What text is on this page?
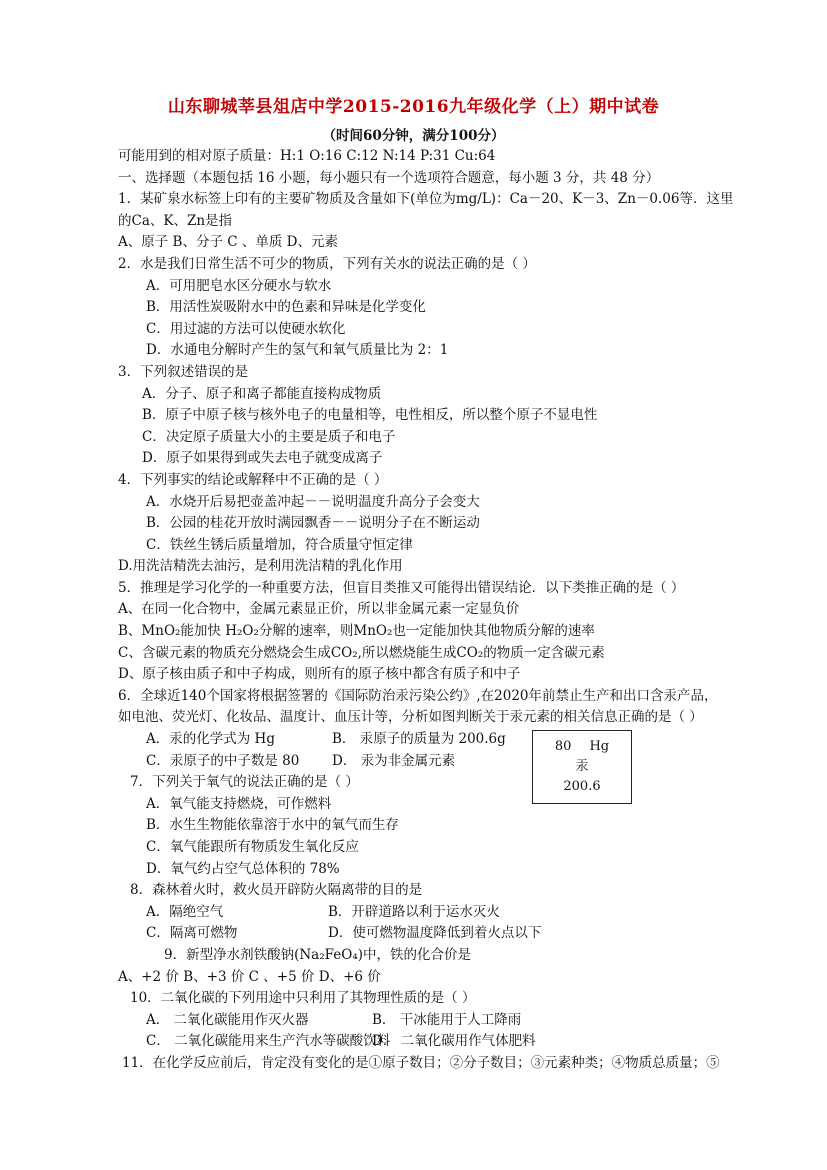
山东聊城莘县俎店中学2015-2016九年级化学（上）期中试卷
（时间60分钟，满分100分）
可能用到的相对原子质量：H:1 O:16 C:12 N:14 P:31 Cu:64
一、选择题（本题包括 16 小题，每小题只有一个选项符合题意，每小题 3 分，共 48 分）
1．某矿泉水标签上印有的主要矿物质及含量如下(单位为mg/L)：Ca－20、K－3、Zn－0.06等．这里
的Ca、K、Zn是指
A、原子 B、分子 C 、单质 D、元素
2．水是我们日常生活不可少的物质，下列有关水的说法正确的是（ ）
A．可用肥皂水区分硬水与软水
B．用活性炭吸附水中的色素和异味是化学变化
C．用过滤的方法可以使硬水软化
D．水通电分解时产生的氢气和氧气质量比为 2：1
3．下列叙述错误的是
A．分子、原子和离子都能直接构成物质
B．原子中原子核与核外电子的电量相等，电性相反，所以整个原子不显电性
C．决定原子质量大小的主要是质子和电子
D．原子如果得到或失去电子就变成离子
4．下列事实的结论或解释中不正确的是（ ）
A．水烧开后易把壶盖冲起－－说明温度升高分子会变大
B．公园的桂花开放时满园飘香－－说明分子在不断运动
C．铁丝生锈后质量增加，符合质量守恒定律
D.用洗洁精洗去油污，是利用洗洁精的乳化作用
5．推理是学习化学的一种重要方法，但盲目类推又可能得出错误结论．以下类推正确的是（ ）
A、在同一化合物中，金属元素显正价，所以非金属元素一定显负价
B、MnO₂能加快 H₂O₂分解的速率，则MnO₂也一定能加快其他物质分解的速率
C、含碳元素的物质充分燃烧会生成CO₂,所以燃烧能生成CO₂的物质一定含碳元素
D、原子核由质子和中子构成，则所有的原子核中都含有质子和中子
6．全球近140个国家将根据签署的《国际防治汞污染公约》,在2020年前禁止生产和出口含汞产品，
如电池、荧光灯、化妆品、温度计、血压计等，分析如图判断关于汞元素的相关信息正确的是（ ）
A．汞的化学式为 Hg	B． 汞原子的质量为 200.6g
C．汞原子的中子数是 80 D． 汞为非金属元素
7．下列关于氧气的说法正确的是（ ）
A．氧气能支持燃烧，可作燃料
B．水生生物能依靠溶于水中的氧气而生存
C．氧气能跟所有物质发生氧化反应
D．氧气约占空气总体积的 78%
8．森林着火时，救火员开辟防火隔离带的目的是
A．隔绝空气	B．开辟道路以利于运水灭火
C．隔离可燃物	D．使可燃物温度降低到着火点以下
9．新型净水剂铁酸钠(Na₂FeO₄)中，铁的化合价是
A、+2 价 B、+3 价 C 、+5 价 D、+6 价
10．二氧化碳的下列用途中只利用了其物理性质的是（ ）
A． 二氧化碳能用作灭火器	B． 干冰能用于人工降雨
C． 二氧化碳能用来生产汽水等碳酸饮料D． 二氧化碳用作气体肥料
11．在化学反应前后，肯定没有变化的是①原子数目；②分子数目；③元素种类；④物质总质量；⑤
80 Hg
汞
200.6
